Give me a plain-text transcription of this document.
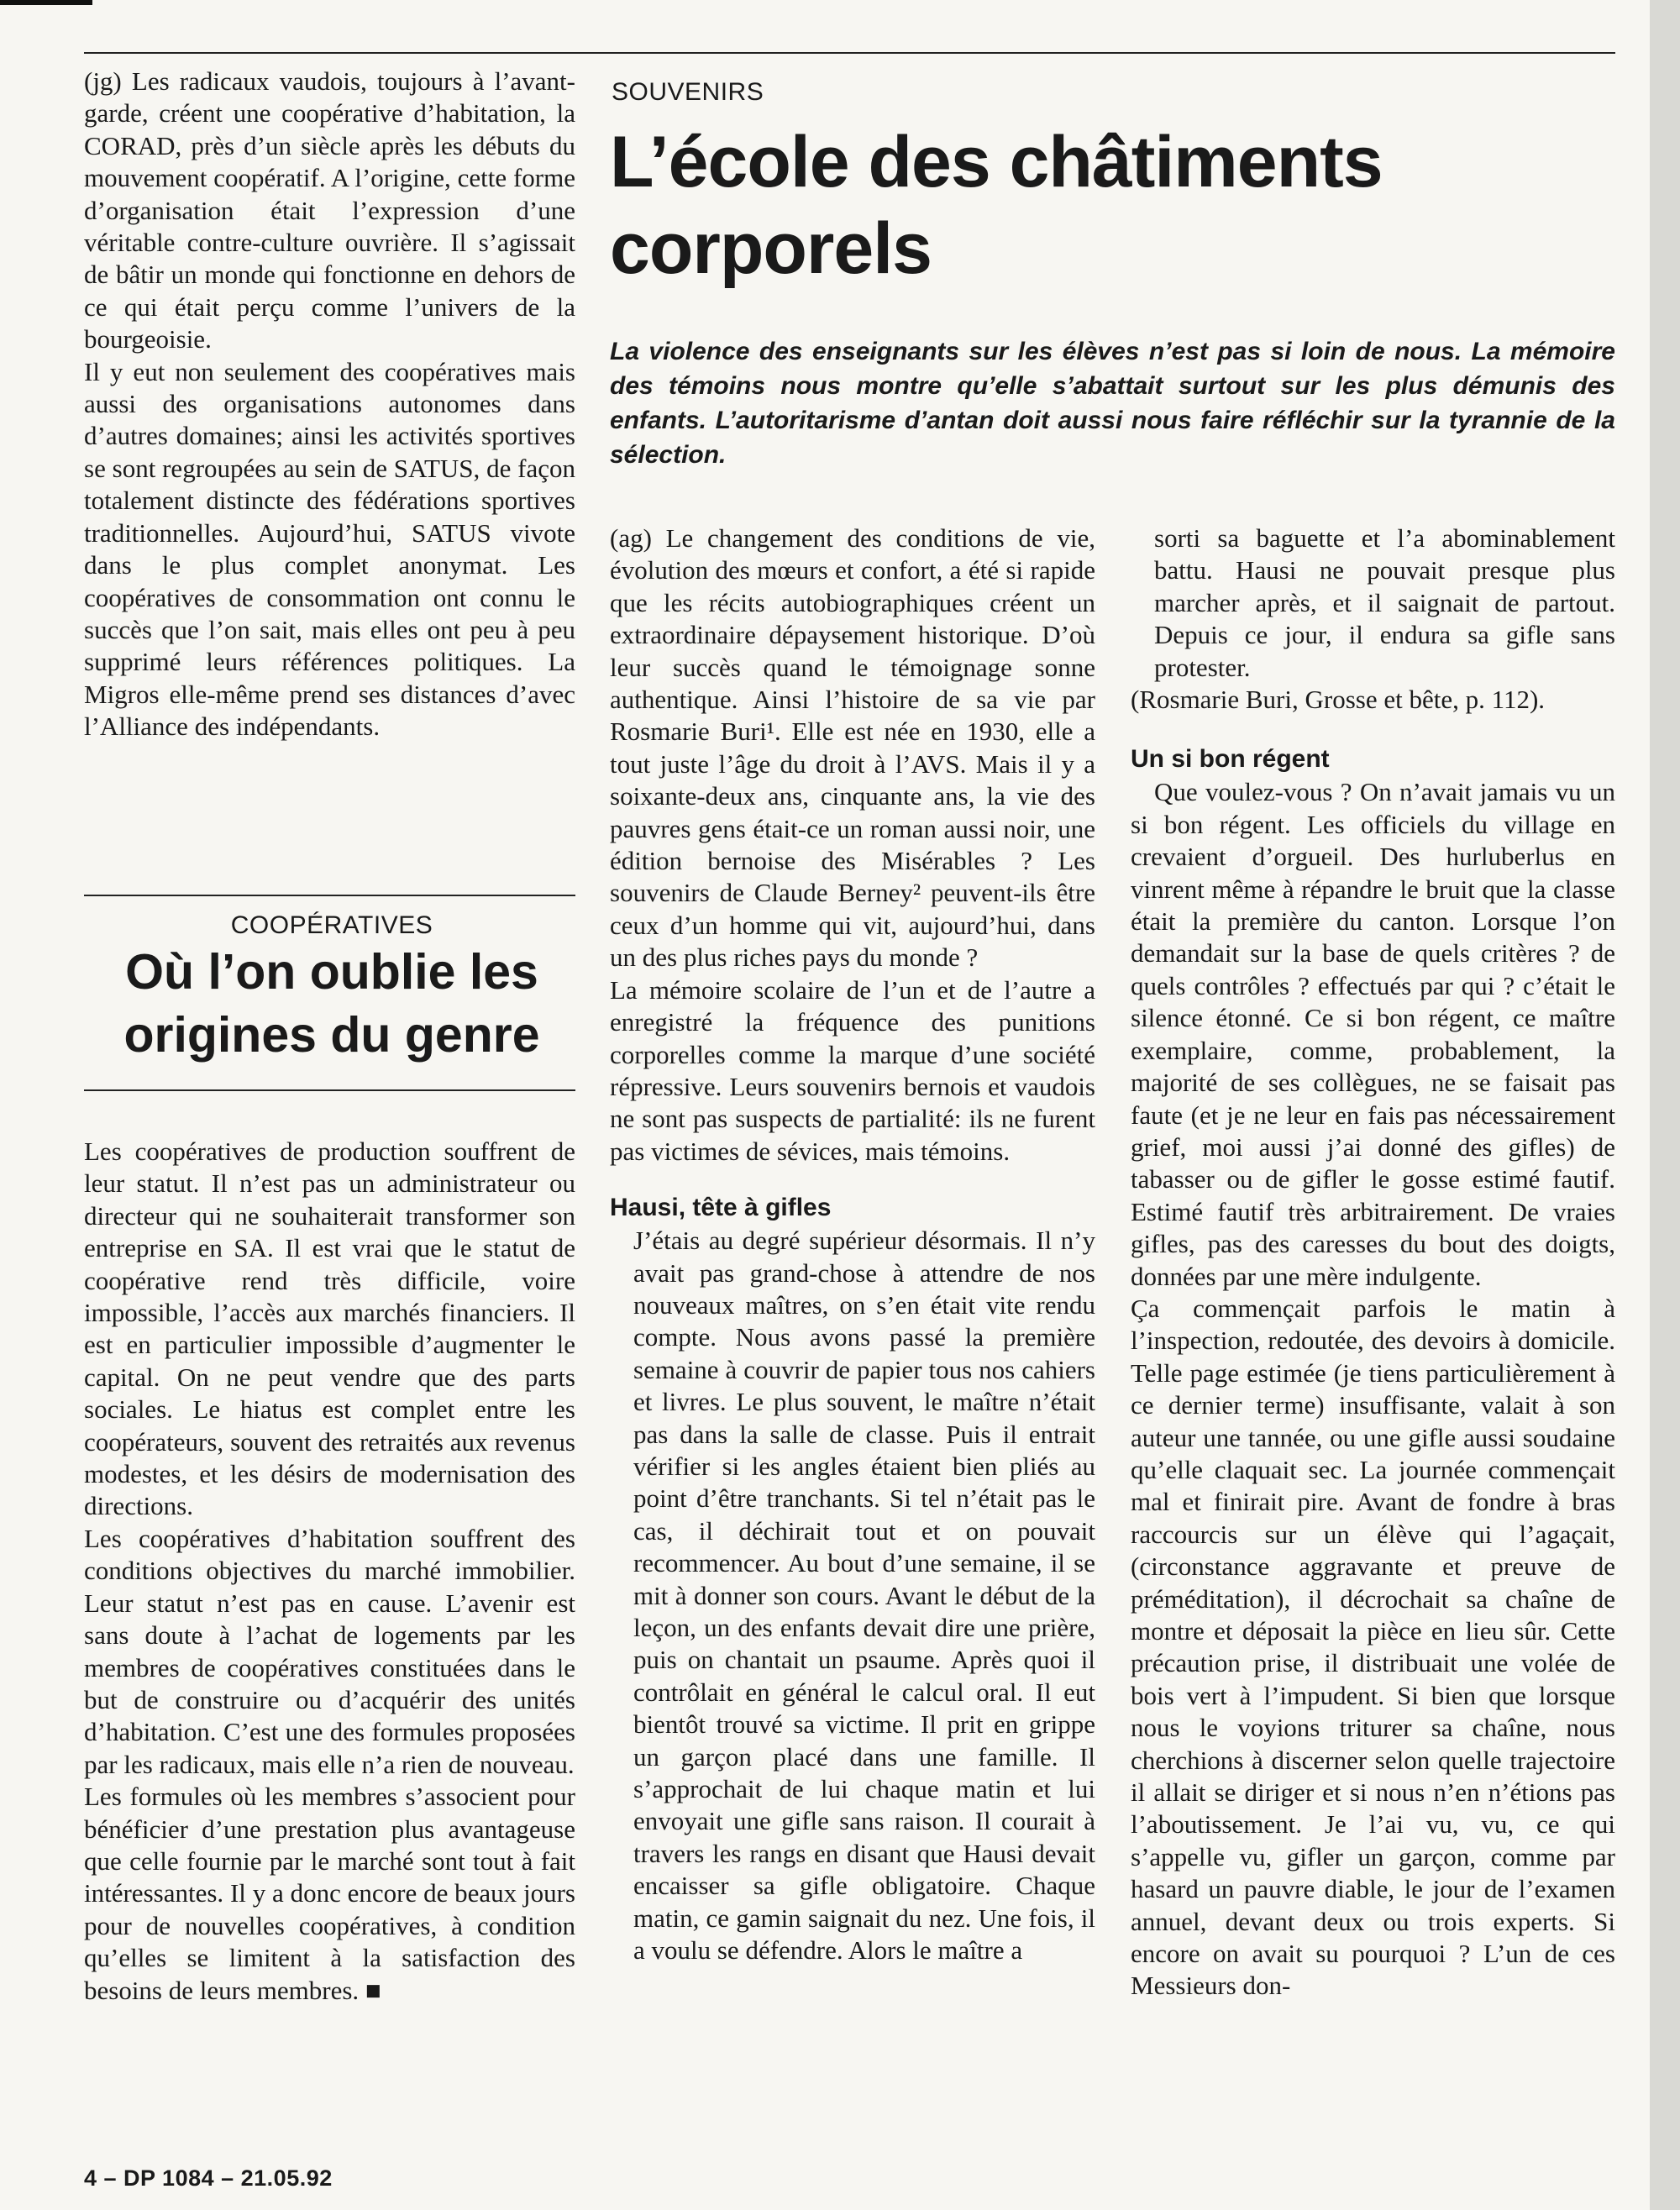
(jg) Les radicaux vaudois, toujours à l’avant-garde, créent une coopérative d’habitation, la CORAD, près d’un siècle après les débuts du mouvement coopératif. A l’origine, cette forme d’organisation était l’expression d’une véritable contre-culture ouvrière. Il s’agissait de bâtir un monde qui fonctionne en dehors de ce qui était perçu comme l’univers de la bourgeoisie.

Il y eut non seulement des coopératives mais aussi des organisations autonomes dans d’autres domaines; ainsi les activités sportives se sont regroupées au sein de SATUS, de façon totalement distincte des fédérations sportives traditionnelles. Aujourd’hui, SATUS vivote dans le plus complet anonymat. Les coopératives de consommation ont connu le succès que l’on sait, mais elles ont peu à peu supprimé leurs références politiques. La Migros elle-même prend ses distances d’avec l’Alliance des indépendants.

COOPÉRATIVES
Où l’on oublie les origines du genre

Les coopératives de production souffrent de leur statut. Il n’est pas un administrateur ou directeur qui ne souhaiterait transformer son entreprise en SA. Il est vrai que le statut de coopérative rend très difficile, voire impossible, l’accès aux marchés financiers. Il est en particulier impossible d’augmenter le capital. On ne peut vendre que des parts sociales. Le hiatus est complet entre les coopérateurs, souvent des retraités aux revenus modestes, et les désirs de modernisation des directions.

Les coopératives d’habitation souffrent des conditions objectives du marché immobilier. Leur statut n’est pas en cause. L’avenir est sans doute à l’achat de logements par les membres de coopératives constituées dans le but de construire ou d’acquérir des unités d’habitation. C’est une des formules proposées par les radicaux, mais elle n’a rien de nouveau.

Les formules où les membres s’associent pour bénéficier d’une prestation plus avantageuse que celle fournie par le marché sont tout à fait intéressantes. Il y a donc encore de beaux jours pour de nouvelles coopératives, à condition qu’elles se limitent à la satisfaction des besoins de leurs membres. ■

SOUVENIRS
L’école des châtiments corporels

La violence des enseignants sur les élèves n’est pas si loin de nous. La mémoire des témoins nous montre qu’elle s’abattait surtout sur les plus démunis des enfants. L’autoritarisme d’antan doit aussi nous faire réfléchir sur la tyrannie de la sélection.

(ag) Le changement des conditions de vie, évolution des mœurs et confort, a été si rapide que les récits autobiographiques créent un extraordinaire dépaysement historique. D’où leur succès quand le témoignage sonne authentique. Ainsi l’histoire de sa vie par Rosmarie Buri¹. Elle est née en 1930, elle a tout juste l’âge du droit à l’AVS. Mais il y a soixante-deux ans, cinquante ans, la vie des pauvres gens était-ce un roman aussi noir, une édition bernoise des Misérables ? Les souvenirs de Claude Berney² peuvent-ils être ceux d’un homme qui vit, aujourd’hui, dans un des plus riches pays du monde ?

La mémoire scolaire de l’un et de l’autre a enregistré la fréquence des punitions corporelles comme la marque d’une société répressive. Leurs souvenirs bernois et vaudois ne sont pas suspects de partialité: ils ne furent pas victimes de sévices, mais témoins.

Hausi, tête à gifles

J’étais au degré supérieur désormais. Il n’y avait pas grand-chose à attendre de nos nouveaux maîtres, on s’en était vite rendu compte. Nous avons passé la première semaine à couvrir de papier tous nos cahiers et livres. Le plus souvent, le maître n’était pas dans la salle de classe. Puis il entrait vérifier si les angles étaient bien pliés au point d’être tranchants. Si tel n’était pas le cas, il déchirait tout et on pouvait recommencer. Au bout d’une semaine, il se mit à donner son cours. Avant le début de la leçon, un des enfants devait dire une prière, puis on chantait un psaume. Après quoi il contrôlait en général le calcul oral. Il eut bientôt trouvé sa victime. Il prit en grippe un garçon placé dans une famille. Il s’approchait de lui chaque matin et lui envoyait une gifle sans raison. Il courait à travers les rangs en disant que Hausi devait encaisser sa gifle obligatoire. Chaque matin, ce gamin saignait du nez. Une fois, il a voulu se défendre. Alors le maître a

sorti sa baguette et l’a abominablement battu. Hausi ne pouvait presque plus marcher après, et il saignait de partout. Depuis ce jour, il endura sa gifle sans protester.

(Rosmarie Buri, Grosse et bête, p. 112).

Un si bon régent

Que voulez-vous ? On n’avait jamais vu un si bon régent. Les officiels du village en crevaient d’orgueil. Des hurluberlus en vinrent même à répandre le bruit que la classe était la première du canton. Lorsque l’on demandait sur la base de quels critères ? de quels contrôles ? effectués par qui ? c’était le silence étonné. Ce si bon régent, ce maître exemplaire, comme, probablement, la majorité de ses collègues, ne se faisait pas faute (et je ne leur en fais pas nécessairement grief, moi aussi j’ai donné des gifles) de tabasser ou de gifler le gosse estimé fautif. Estimé fautif très arbitrairement. De vraies gifles, pas des caresses du bout des doigts, données par une mère indulgente.

Ça commençait parfois le matin à l’inspection, redoutée, des devoirs à domicile. Telle page estimée (je tiens particulièrement à ce dernier terme) insuffisante, valait à son auteur une tannée, ou une gifle aussi soudaine qu’elle claquait sec. La journée commençait mal et finirait pire. Avant de fondre à bras raccourcis sur un élève qui l’agaçait, (circonstance aggravante et preuve de préméditation), il décrochait sa chaîne de montre et déposait la pièce en lieu sûr. Cette précaution prise, il distribuait une volée de bois vert à l’impudent. Si bien que lorsque nous le voyions triturer sa chaîne, nous cherchions à discerner selon quelle trajectoire il allait se diriger et si nous n’en n’étions pas l’aboutissement. Je l’ai vu, vu, ce qui s’appelle vu, gifler un garçon, comme par hasard un pauvre diable, le jour de l’examen annuel, devant deux ou trois experts. Si encore on avait su pourquoi ? L’un de ces Messieurs don-

4 – DP 1084 – 21.05.92
